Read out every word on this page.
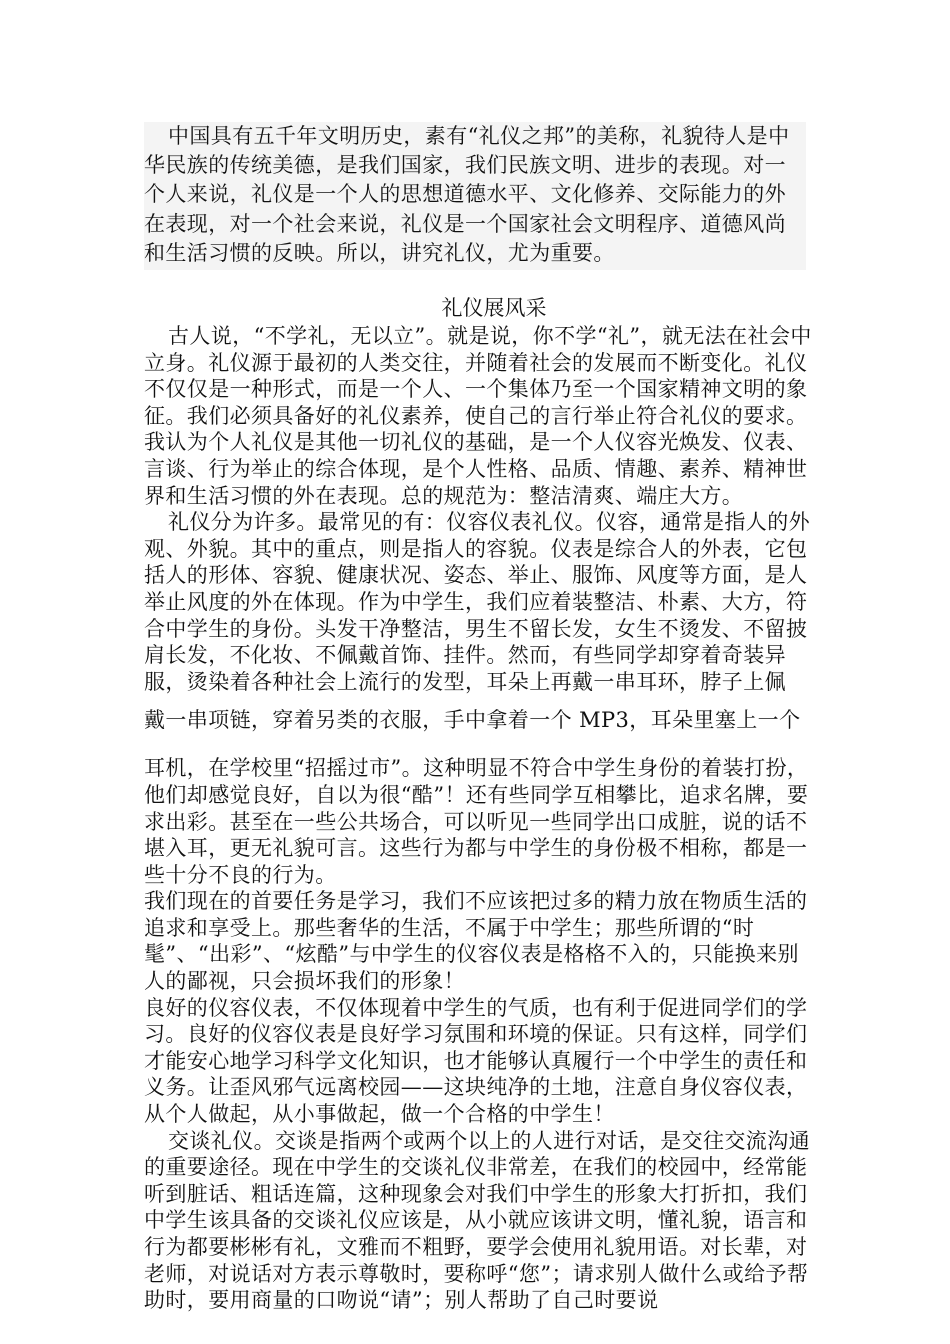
中国具有五千年文明历史，素有“礼仪之邦”的美称，礼貌待人是中华民族的传统美德，是我们国家，我们民族文明、进步的表现。对一个人来说，礼仪是一个人的思想道德水平、文化修养、交际能力的外在表现，对一个社会来说，礼仪是一个国家社会文明程序、道德风尚和生活习惯的反映。所以，讲究礼仪，尤为重要。

礼仪展风采

古人说，“不学礼，无以立”。就是说，你不学“礼”，就无法在社会中立身。礼仪源于最初的人类交往，并随着社会的发展而不断变化。礼仪不仅仅是一种形式，而是一个人、一个集体乃至一个国家精神文明的象征。我们必须具备好的礼仪素养，使自己的言行举止符合礼仪的要求。我认为个人礼仪是其他一切礼仪的基础，是一个人仪容光焕发、仪表、言谈、行为举止的综合体现，是个人性格、品质、情趣、素养、精神世界和生活习惯的外在表现。总的规范为：整洁清爽、端庄大方。

礼仪分为许多。最常见的有：仪容仪表礼仪。仪容，通常是指人的外观、外貌。其中的重点，则是指人的容貌。仪表是综合人的外表，它包括人的形体、容貌、健康状况、姿态、举止、服饰、风度等方面，是人举止风度的外在体现。作为中学生，我们应着装整洁、朴素、大方，符合中学生的身份。头发干净整洁，男生不留长发，女生不烫发、不留披肩长发，不化妆、不佩戴首饰、挂件。然而，有些同学却穿着奇装异服，烫染着各种社会上流行的发型，耳朵上再戴一串耳环，脖子上佩

戴一串项链，穿着另类的衣服，手中拿着一个 MP3，耳朵里塞上一个

耳机，在学校里“招摇过市”。这种明显不符合中学生身份的着装打扮，他们却感觉良好，自以为很“酷”！还有些同学互相攀比，追求名牌，要求出彩。甚至在一些公共场合，可以听见一些同学出口成脏，说的话不堪入耳，更无礼貌可言。这些行为都与中学生的身份极不相称，都是一些十分不良的行为。

我们现在的首要任务是学习，我们不应该把过多的精力放在物质生活的追求和享受上。那些奢华的生活，不属于中学生；那些所谓的“时髦”、“出彩”、“炫酷”与中学生的仪容仪表是格格不入的，只能换来别人的鄙视，只会损坏我们的形象！

良好的仪容仪表，不仅体现着中学生的气质，也有利于促进同学们的学习。良好的仪容仪表是良好学习氛围和环境的保证。只有这样，同学们才能安心地学习科学文化知识，也才能够认真履行一个中学生的责任和义务。让歪风邪气远离校园——这块纯净的土地，注意自身仪容仪表，从个人做起，从小事做起，做一个合格的中学生！

交谈礼仪。交谈是指两个或两个以上的人进行对话，是交往交流沟通的重要途径。现在中学生的交谈礼仪非常差，在我们的校园中，经常能听到脏话、粗话连篇，这种现象会对我们中学生的形象大打折扣，我们中学生该具备的交谈礼仪应该是，从小就应该讲文明，懂礼貌，语言和行为都要彬彬有礼，文雅而不粗野，要学会使用礼貌用语。对长辈，对老师，对说话对方表示尊敬时，要称呼“您”；请求别人做什么或给予帮助时，要用商量的口吻说“请”；别人帮助了自己时要说
